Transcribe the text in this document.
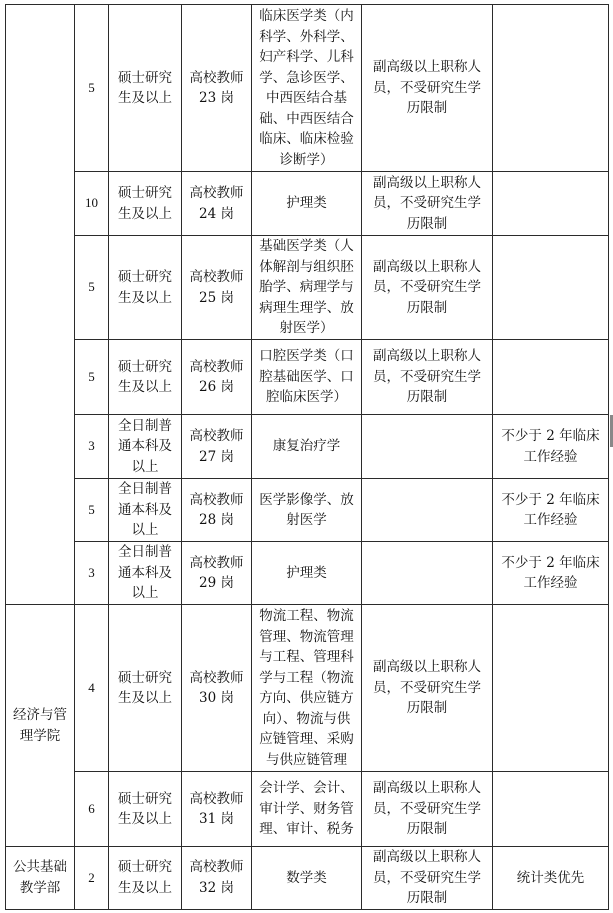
	5	硕士研究生及以上	高校教师 23 岗	临床医学类（内科学、外科学、妇产科学、儿科学、急诊医学、中西医结合基础、中西医结合临床、临床检验诊断学）	副高级以上职称人员，不受研究生学历限制	
	10	硕士研究生及以上	高校教师 24 岗	护理类	副高级以上职称人员，不受研究生学历限制	
	5	硕士研究生及以上	高校教师 25 岗	基础医学类（人体解剖与组织胚胎学、病理学与病理生理学、放射医学）	副高级以上职称人员，不受研究生学历限制	
	5	硕士研究生及以上	高校教师 26 岗	口腔医学类（口腔基础医学、口腔临床医学）	副高级以上职称人员，不受研究生学历限制	
	3	全日制普通本科及以上	高校教师 27 岗	康复治疗学		不少于 2 年临床工作经验
	5	全日制普通本科及以上	高校教师 28 岗	医学影像学、放射医学		不少于 2 年临床工作经验
	3	全日制普通本科及以上	高校教师 29 岗	护理类		不少于 2 年临床工作经验
经济与管理学院	4	硕士研究生及以上	高校教师 30 岗	物流工程、物流管理、物流管理与工程、管理科学与工程（物流方向、供应链方向）、物流与供应链管理、采购与供应链管理	副高级以上职称人员，不受研究生学历限制	
	6	硕士研究生及以上	高校教师 31 岗	会计学、会计、审计学、财务管理、审计、税务	副高级以上职称人员，不受研究生学历限制	
公共基础教学部	2	硕士研究生及以上	高校教师 32 岗	数学类	副高级以上职称人员，不受研究生学历限制	统计类优先
